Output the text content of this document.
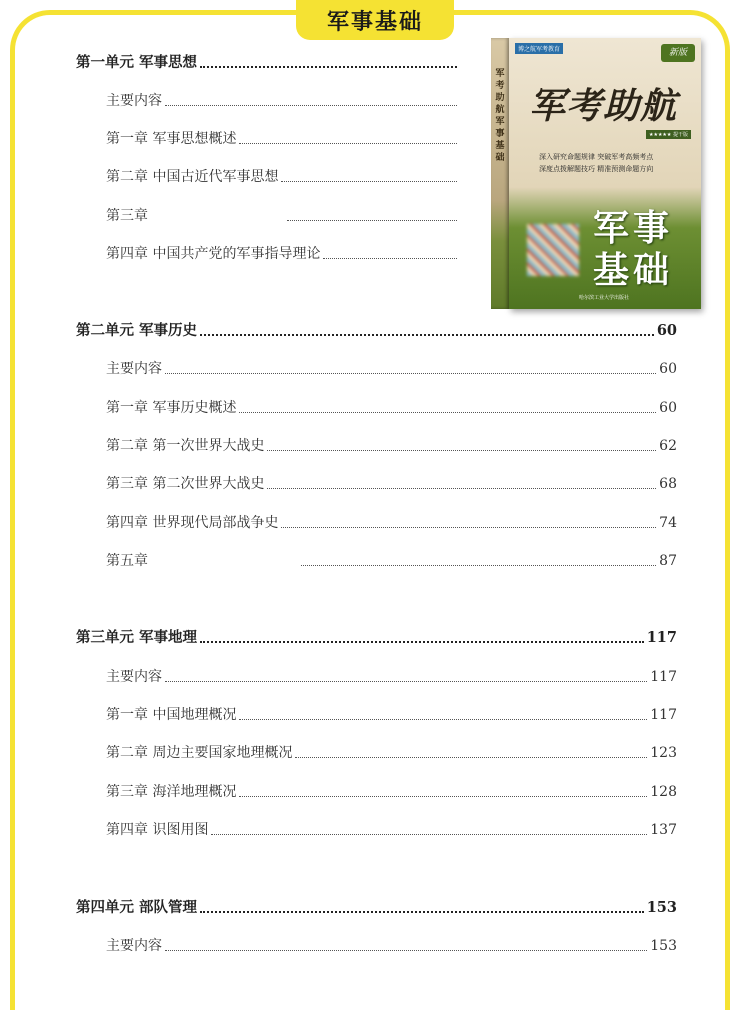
军事基础
第一单元 军事思想
主要内容
第一章 军事思想概述
第二章 中国古近代军事思想
第三章
第四章 中国共产党的军事指导理论
第二单元 军事历史	60
主要内容	60
第一章 军事历史概述	60
第二章 第一次世界大战史	62
第三章 第二次世界大战史	68
第四章 世界现代局部战争史	74
第五章	87
第三单元 军事地理	117
主要内容	117
第一章 中国地理概况	117
第二章 周边主要国家地理概况	123
第三章 海洋地理概况	128
第四章 识图用图	137
第四单元 部队管理	153
主要内容	153
军考助航 军事基础
博之航军考教育	新版
军考助航
★★★★★ 提干版
深入研究命题规律 突破军考高频考点
深度点拨解题技巧 精准预测命题方向
军事
基础
哈尔滨工业大学出版社
